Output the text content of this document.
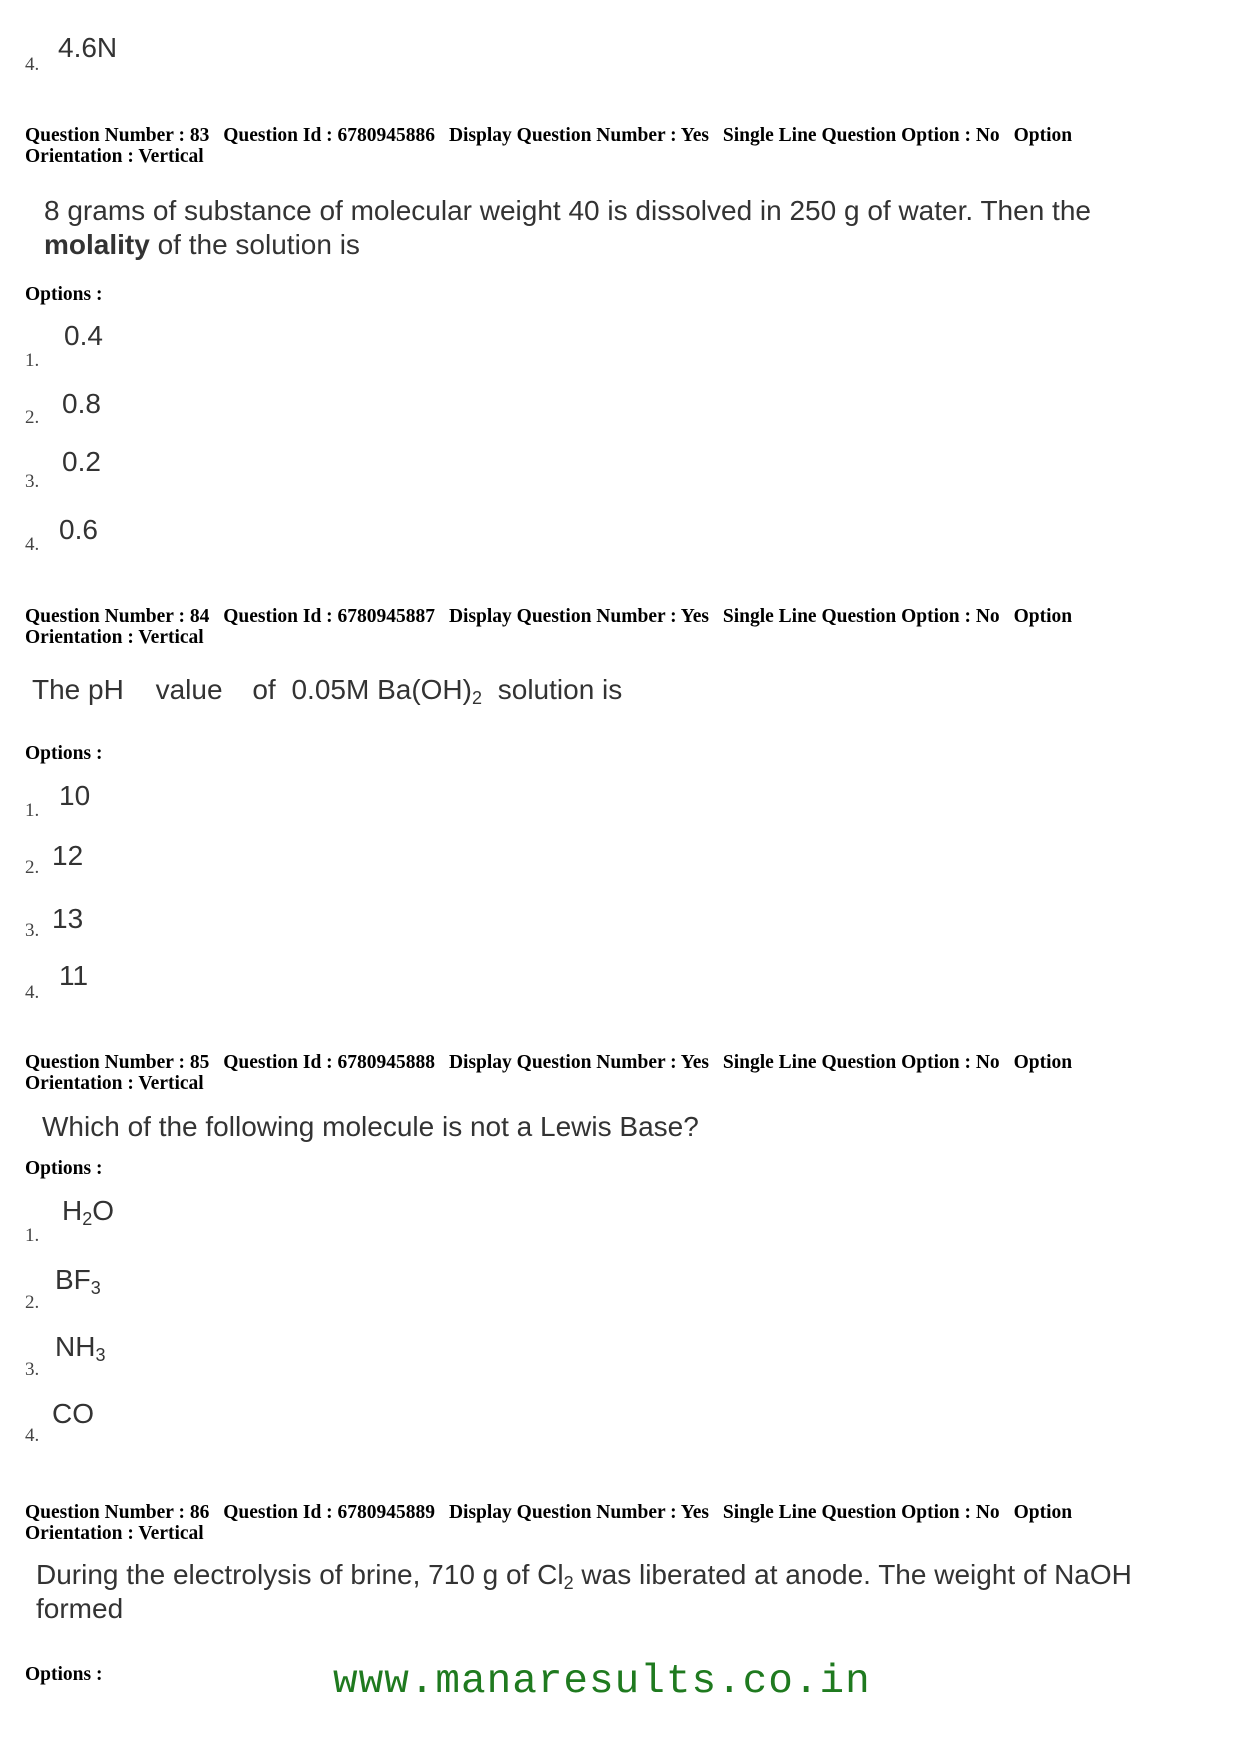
4.
4.6N
Question Number : 83 Question Id : 6780945886 Display Question Number : Yes Single Line Question Option : No Option
Orientation : Vertical
8 grams of substance of molecular weight 40 is dissolved in 250 g of water. Then the
molality of the solution is
Options :
1.
0.4
2. 0.8
3.
0.2
4. 0.6
Question Number : 84 Question Id : 6780945887 Display Question Number : Yes Single Line Question Option : No Option
Orientation : Vertical
The pH value of 0.05M $Ba(OH)_2$ solution is
Options :
1. 10
2. 12
3. 13
4.
11
Question Number : 85 Question Id : 6780945888 Display Question Number : Yes Single Line Question Option : No Option
Orientation : Vertical
Which of the following molecule is not a Lewis Base?
Options :
1.
$H_2O$
2.
$BF_3$
3.
$NH_3$
4.
CO
Question Number : 86 Question Id : 6780945889 Display Question Number : Yes Single Line Question Option : No Option
Orientation : Vertical
During the electrolysis of brine, 710 g of $Cl_2$ was liberated at anode. The weight of NaOH
formed
Options :	www.manaresults.co.in
